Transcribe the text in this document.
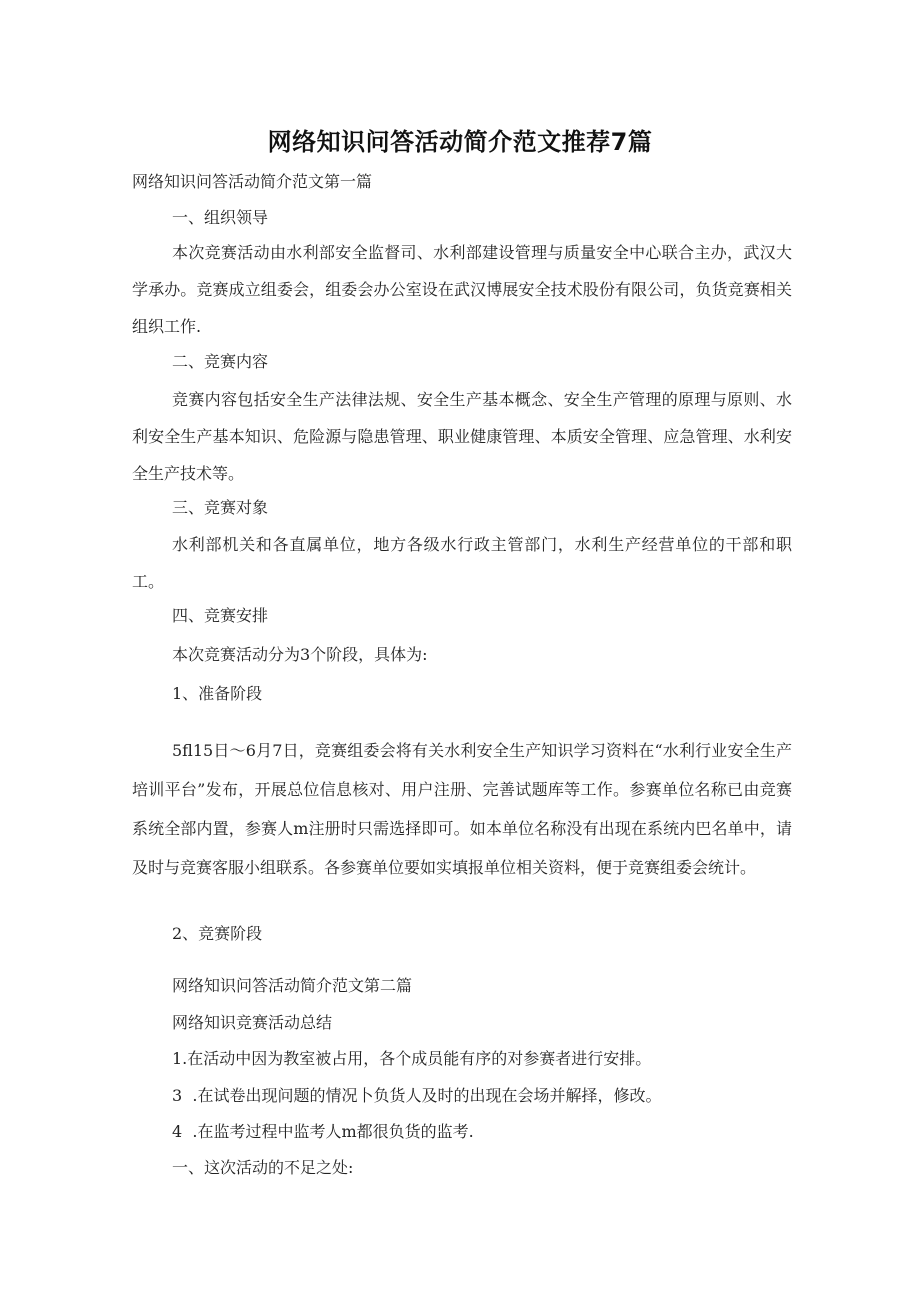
网络知识问答活动简介范文推荐7篇
网络知识问答活动简介范文第一篇
一、组织领导
本次竞赛活动由水利部安全监督司、水利部建设管理与质量安全中心联合主办，武汉大学承办。竞赛成立组委会，组委会办公室设在武汉博展安全技术股份有限公司，负货竞赛相关组织工作.
二、竞赛内容
竞赛内容包括安全生产法律法规、安全生产基本概念、安全生产管理的原理与原则、水利安全生产基本知识、危险源与隐患管理、职业健康管理、本质安全管理、应急管理、水利安全生产技术等。
三、竞赛对象
水利部机关和各直属单位，地方各级水行政主管部门，水利生产经营单位的干部和职工。
四、竞赛安排
本次竞赛活动分为3个阶段，具体为:
1、准备阶段
5fl15日～6月7日，竞赛组委会将有关水利安全生产知识学习资料在“水利行业安全生产培训平台”发布，开展总位信息核对、用户注册、完善试题库等工作。参赛单位名称已由竞赛系统全部内置，参赛人m注册时只需选择即可。如本单位名称没有出现在系统内巴名单中，请及时与竞赛客服小组联系。各参赛单位要如实填报单位相关资料，便于竞赛组委会统计。
2、竞赛阶段
网络知识问答活动简介范文第二篇
网络知识竞赛活动总结
1.在活动中因为教室被占用，各个成员能有序的对参赛者进行安排。
3  .在试卷出现问题的情况卜负货人及时的出现在会场并解择，修改。
4  .在监考过程中监考人m都很负货的监考.
一、这次活动的不足之处:
